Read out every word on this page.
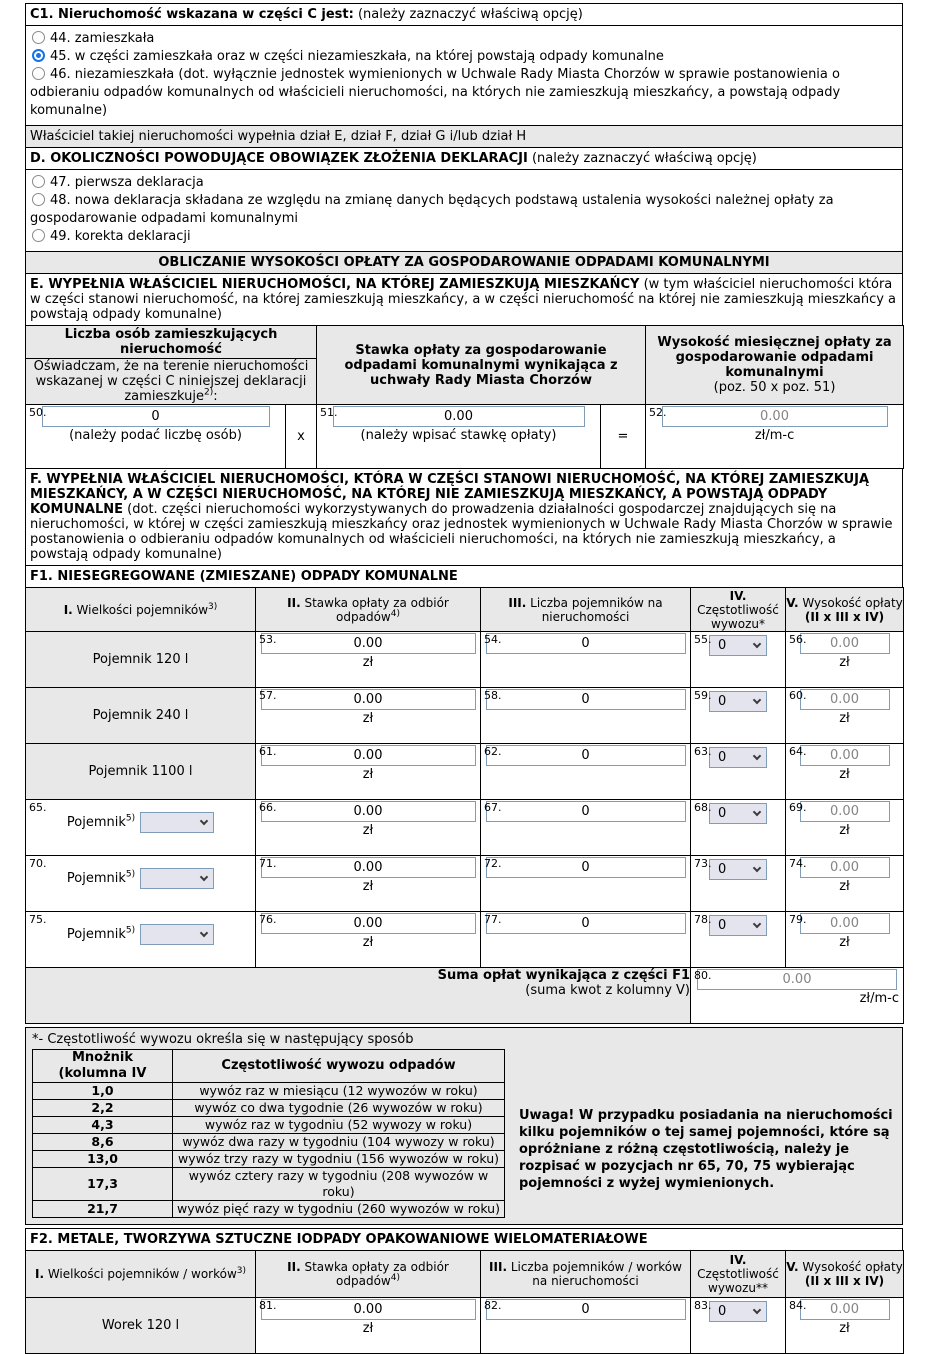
C1. Nieruchomość wskazana w części C jest: (należy zaznaczyć właściwą opcję)
44. zamieszkała
45. w części zamieszkała oraz w części niezamieszkała, na której powstają odpady komunalne
46. niezamieszkała (dot. wyłącznie jednostek wymienionych w Uchwale Rady Miasta Chorzów w sprawie postanowienia o odbieraniu odpadów komunalnych od właścicieli nieruchomości, na których nie zamieszkują mieszkańcy, a powstają odpady komunalne)
Właściciel takiej nieruchomości wypełnia dział E, dział F, dział G i/lub dział H
D. OKOLICZNOŚCI POWODUJĄCE OBOWIĄZEK ZŁOŻENIA DEKLARACJI (należy zaznaczyć właściwą opcję)
47. pierwsza deklaracja
48. nowa deklaracja składana ze względu na zmianę danych będących podstawą ustalenia wysokości należnej opłaty za gospodarowanie odpadami komunalnymi
49. korekta deklaracji
OBLICZANIE WYSOKOŚCI OPŁATY ZA GOSPODAROWANIE ODPADAMI KOMUNALNYMI
E. WYPEŁNIA WŁAŚCICIEL NIERUCHOMOŚCI, NA KTÓREJ ZAMIESZKUJĄ MIESZKAŃCY (w tym właściciel nieruchomości która w części stanowi nieruchomość, na której zamieszkują mieszkańcy, a w części nieruchomość na której nie zamieszkują mieszkańcy a powstają odpady komunalne)
Liczba osób zamieszkujących nieruchomość		Stawka opłaty za gospodarowanie odpadami komunalnymi wynikająca z uchwały Rady Miasta Chorzów		Wysokość miesięcznej opłaty za gospodarowanie odpadami komunalnymi
(poz. 50 x poz. 51)

Oświadczam, że na terenie nieruchomości wskazanej w części C niniejszej deklaracji zamieszkuje$^{2)}$:				

50.
0
(należy podać liczbę osób)	x	51.
0.00
(należy wpisać stawkę opłaty)	=	52.
0.00
zł/m-c
F. WYPEŁNIA WŁAŚCICIEL NIERUCHOMOŚCI, KTÓRA W CZĘŚCI STANOWI NIERUCHOMOŚĆ, NA KTÓREJ ZAMIESZKUJĄ MIESZKAŃCY, A W CZĘŚCI NIERUCHOMOŚĆ, NA KTÓREJ NIE ZAMIESZKUJĄ MIESZKAŃCY, A POWSTAJĄ ODPADY KOMUNALNE (dot. części nieruchomości wykorzystywanych do prowadzenia działalności gospodarczej znajdujących się na nieruchomości, w której w części zamieszkują mieszkańcy oraz jednostek wymienionych w Uchwale Rady Miasta Chorzów w sprawie postanowienia o odbieraniu odpadów komunalnych od właścicieli nieruchomości, na których nie zamieszkują mieszkańcy, a powstają odpady komunalne)
F1. NIESEGREGOWANE (ZMIESZANE) ODPADY KOMUNALNE
I. Wielkości pojemników$^{3)}$	II. Stawka opłaty za odbiór odpadów$^{4)}$	III. Liczba pojemników na nieruchomości	IV.
Częstotliwość wywozu*	V. Wysokość opłaty
(II x III x IV)
Pojemnik 120 l	53.
0.00
zł	54.
0	55. 0	56.
0.00
zł

Pojemnik 240 l	57.
0.00
zł	58.
0	59. 0	60.
0.00
zł

Pojemnik 1100 l	61.
0.00
zł	62.
0	63. 0	64.
0.00
zł

65.
Pojemnik$^{5)}$	66.
0.00
zł	67.
0	68. 0	69.
0.00
zł

70.
Pojemnik$^{5)}$	71.
0.00
zł	72.
0	73. 0	74.
0.00
zł

75.
Pojemnik$^{5)}$	76.
0.00
zł	77.
0	78. 0	79.
0.00
zł

Suma opłat wynikająca z części F1
(suma kwot z kolumny V)

80.
0.00
zł/m-c
*- Częstotliwość wywozu określa się w następujący sposób
Mnożnik (kolumna IV	Częstotliwość wywozu odpadów
1,0	wywóz raz w miesiącu (12 wywozów w roku)
2,2	wywóz co dwa tygodnie (26 wywozów w roku)
4,3	wywóz raz w tygodniu (52 wywozy w roku)
8,6	wywóz dwa razy w tygodniu (104 wywozy w roku)
13,0	wywóz trzy razy w tygodniu (156 wywozów w roku)
17,3	wywóz cztery razy w tygodniu (208 wywozów w roku)
21,7	wywóz pięć razy w tygodniu (260 wywozów w roku)
Uwaga! W przypadku posiadania na nieruchomości kilku pojemników o tej samej pojemności, które są opróżniane z różną częstotliwością, należy je rozpisać w pozycjach nr 65, 70, 75 wybierając pojemności z wyżej wymienionych.
F2. METALE, TWORZYWA SZTUCZNE IODPADY OPAKOWANIOWE WIELOMATERIAŁOWE
I. Wielkości pojemników / worków$^{3)}$	II. Stawka opłaty za odbiór odpadów$^{4)}$	III. Liczba pojemników / worków na nieruchomości	IV.
Częstotliwość wywozu**	V. Wysokość opłaty
(II x III x IV)
Worek 120 l	81.
0.00
zł	82.
0	83. 0	84.
0.00
zł
